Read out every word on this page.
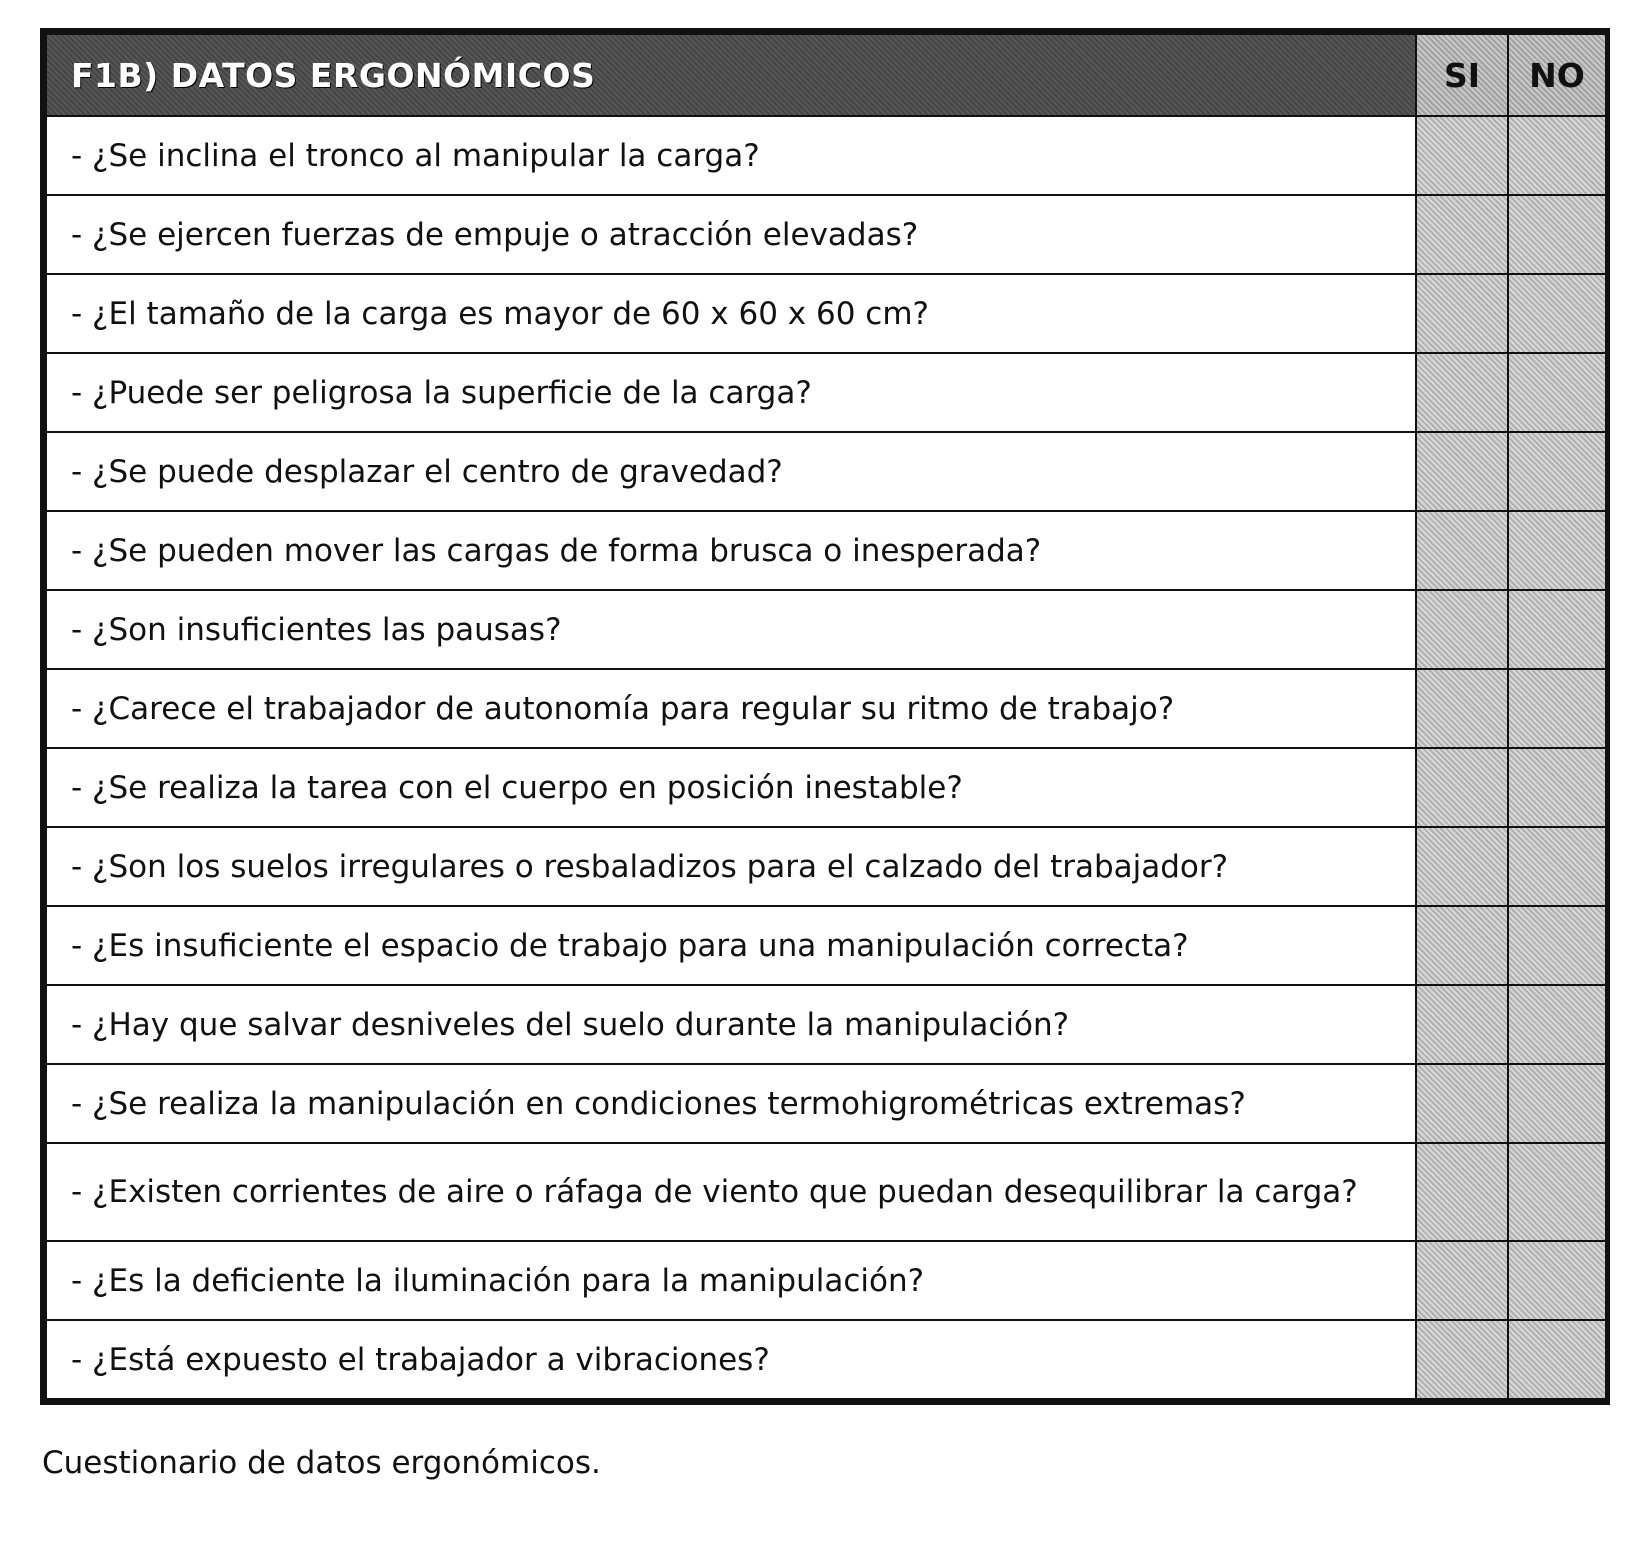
F1B) DATOS ERGONÓMICOS	SI	NO
- ¿Se inclina el tronco al manipular la carga?		
- ¿Se ejercen fuerzas de empuje o atracción elevadas?		
- ¿El tamaño de la carga es mayor de 60 x 60 x 60 cm?		
- ¿Puede ser peligrosa la superficie de la carga?		
- ¿Se puede desplazar el centro de gravedad?		
- ¿Se pueden mover las cargas de forma brusca o inesperada?		
- ¿Son insuficientes las pausas?		
- ¿Carece el trabajador de autonomía para regular su ritmo de trabajo?		
- ¿Se realiza la tarea con el cuerpo en posición inestable?		
- ¿Son los suelos irregulares o resbaladizos para el calzado del trabajador?		
- ¿Es insuficiente el espacio de trabajo para una manipulación correcta?		
- ¿Hay que salvar desniveles del suelo durante la manipulación?		
- ¿Se realiza la manipulación en condiciones termohigrométricas extremas?		
- ¿Existen corrientes de aire o ráfaga de viento que puedan desequilibrar la carga?		
- ¿Es la deficiente la iluminación para la manipulación?		
- ¿Está expuesto el trabajador a vibraciones?		
Cuestionario de datos ergonómicos.
